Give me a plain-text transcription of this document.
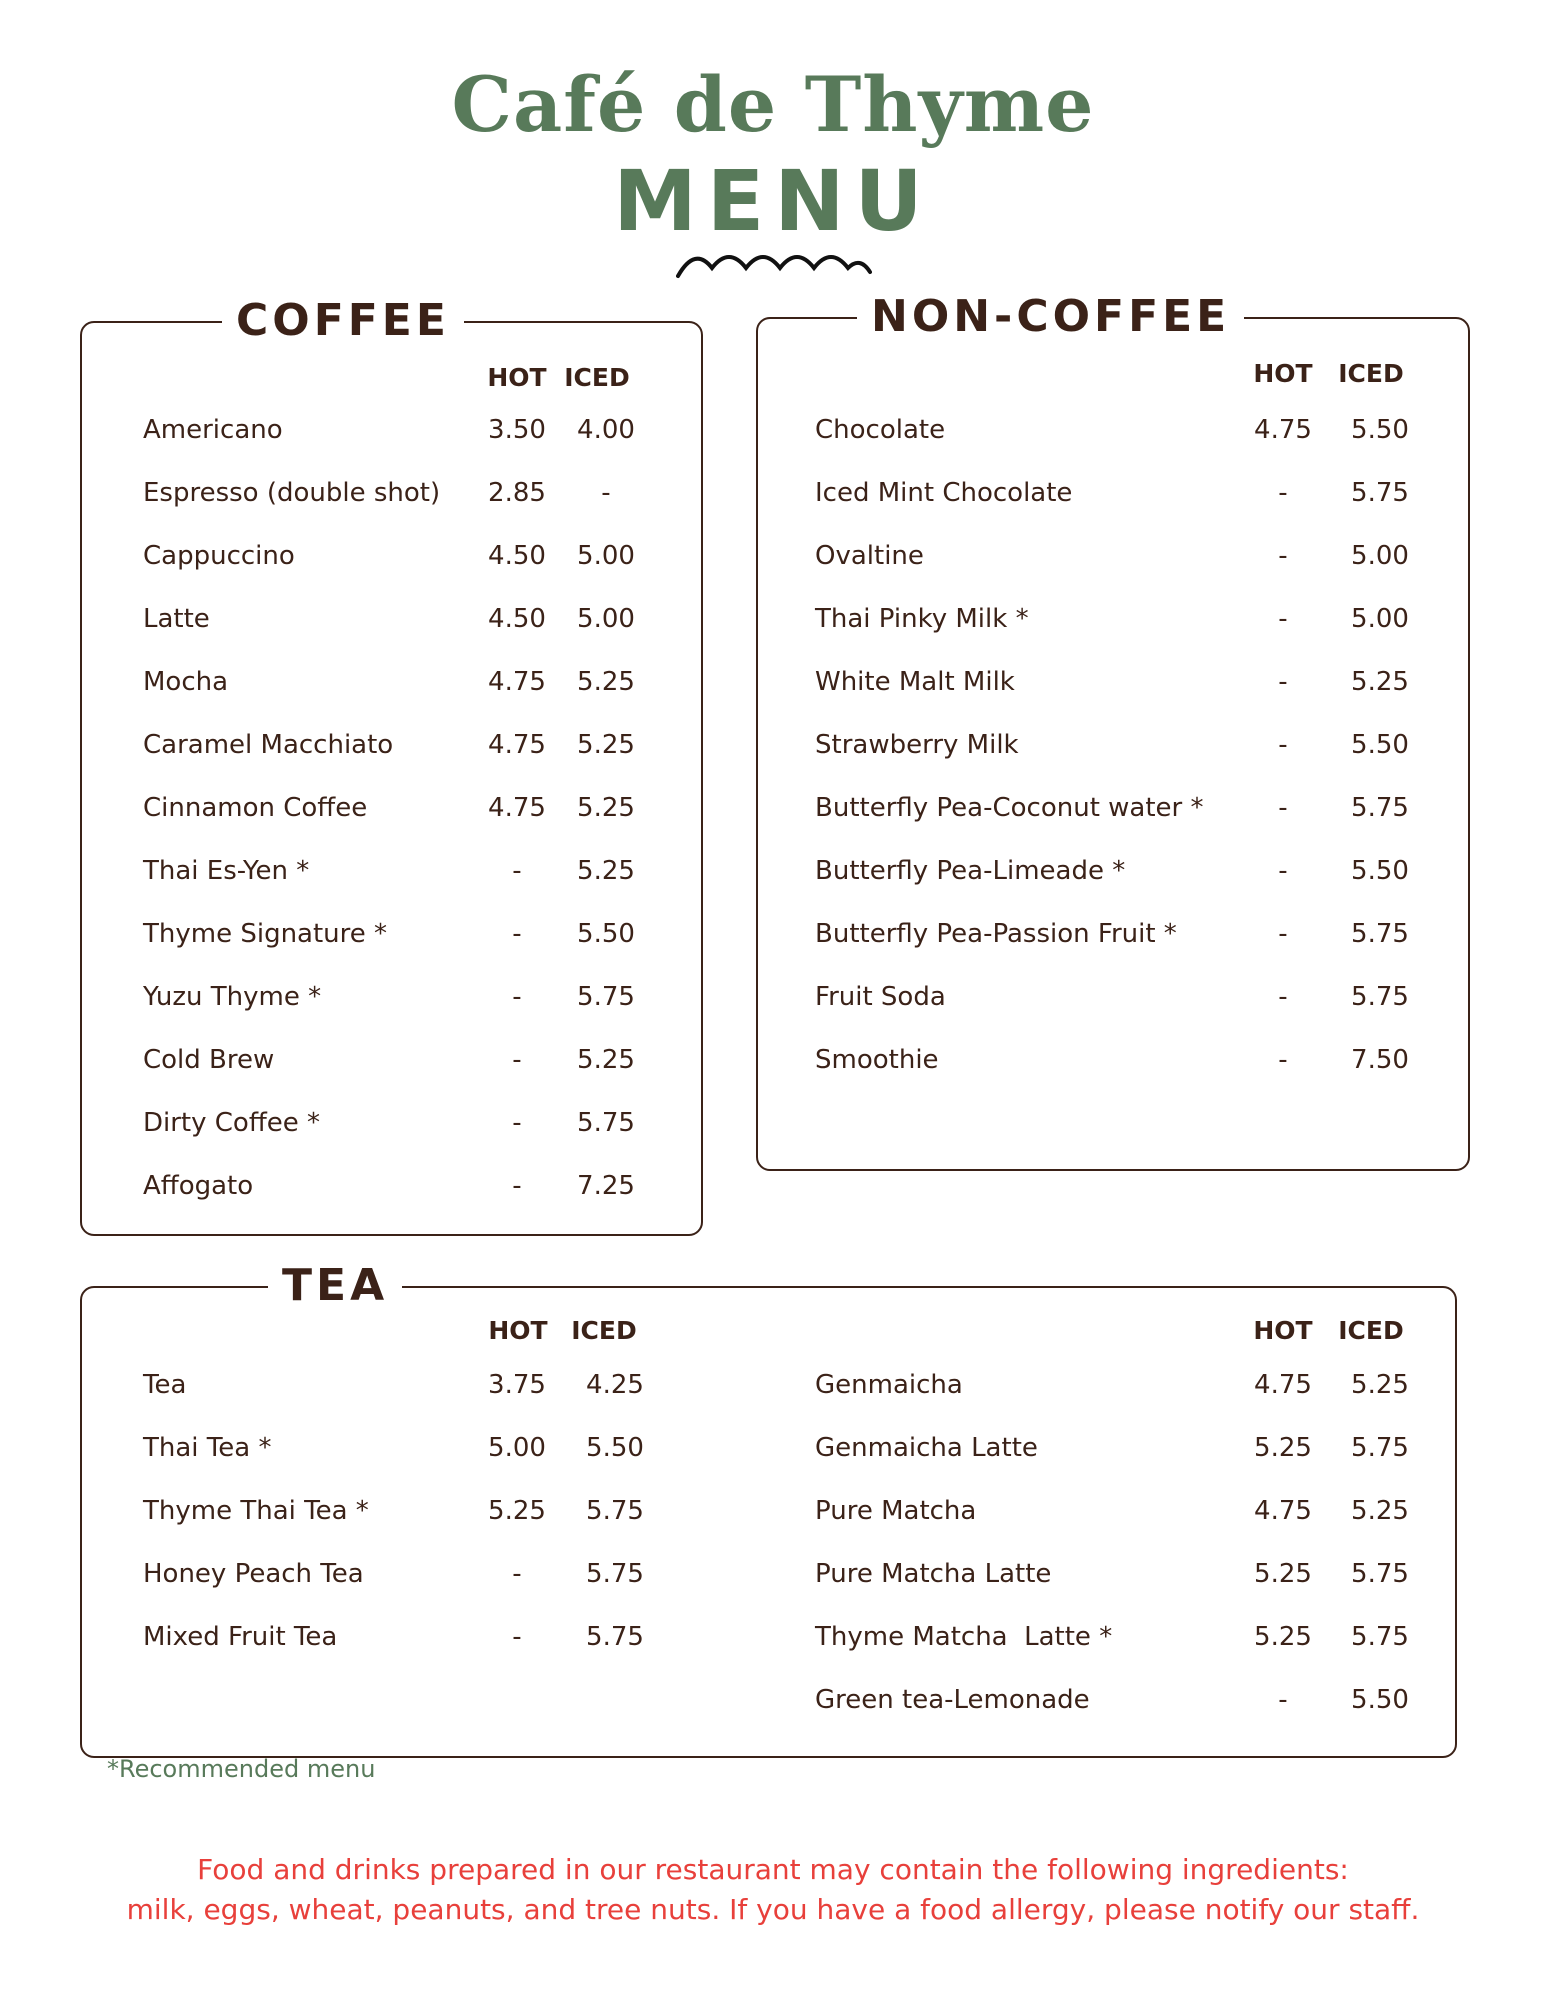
Café de Thyme
MENU
COFFEE
HOT ICED
Americano	3.50	4.00
Espresso (double shot)	2.85	-
Cappuccino	4.50	5.00
Latte	4.50	5.00
Mocha	4.75	5.25
Caramel Macchiato	4.75	5.25
Cinnamon Coffee	4.75	5.25
Thai Es-Yen *	-	5.25
Thyme Signature *	-	5.50
Yuzu Thyme *	-	5.75
Cold Brew	-	5.25
Dirty Coffee *	-	5.75
Affogato	-	7.25
NON-COFFEE
HOT	ICED
Chocolate	4.75	5.50
Iced Mint Chocolate	-	5.75
Ovaltine	-	5.00
Thai Pinky Milk *	-	5.00
White Malt Milk	-	5.25
Strawberry Milk	-	5.50
Butterfly Pea-Coconut water *	-	5.75
Butterfly Pea-Limeade *	-	5.50
Butterfly Pea-Passion Fruit *	-	5.75
Fruit Soda	-	5.75
Smoothie	-	7.50
TEA
HOT ICED	HOT	ICED
Tea	3.75	4.25
Thai Tea *	5.00	5.50
Thyme Thai Tea *	5.25	5.75
Honey Peach Tea	-	5.75
Mixed Fruit Tea	-	5.75
Genmaicha	4.75	5.25
Genmaicha Latte	5.25	5.75
Pure Matcha	4.75	5.25
Pure Matcha Latte	5.25	5.75
Thyme Matcha  Latte *	5.25	5.75
Green tea-Lemonade	-	5.50
*Recommended menu
Food and drinks prepared in our restaurant may contain the following ingredients:
milk, eggs, wheat, peanuts, and tree nuts. If you have a food allergy, please notify our staff.
